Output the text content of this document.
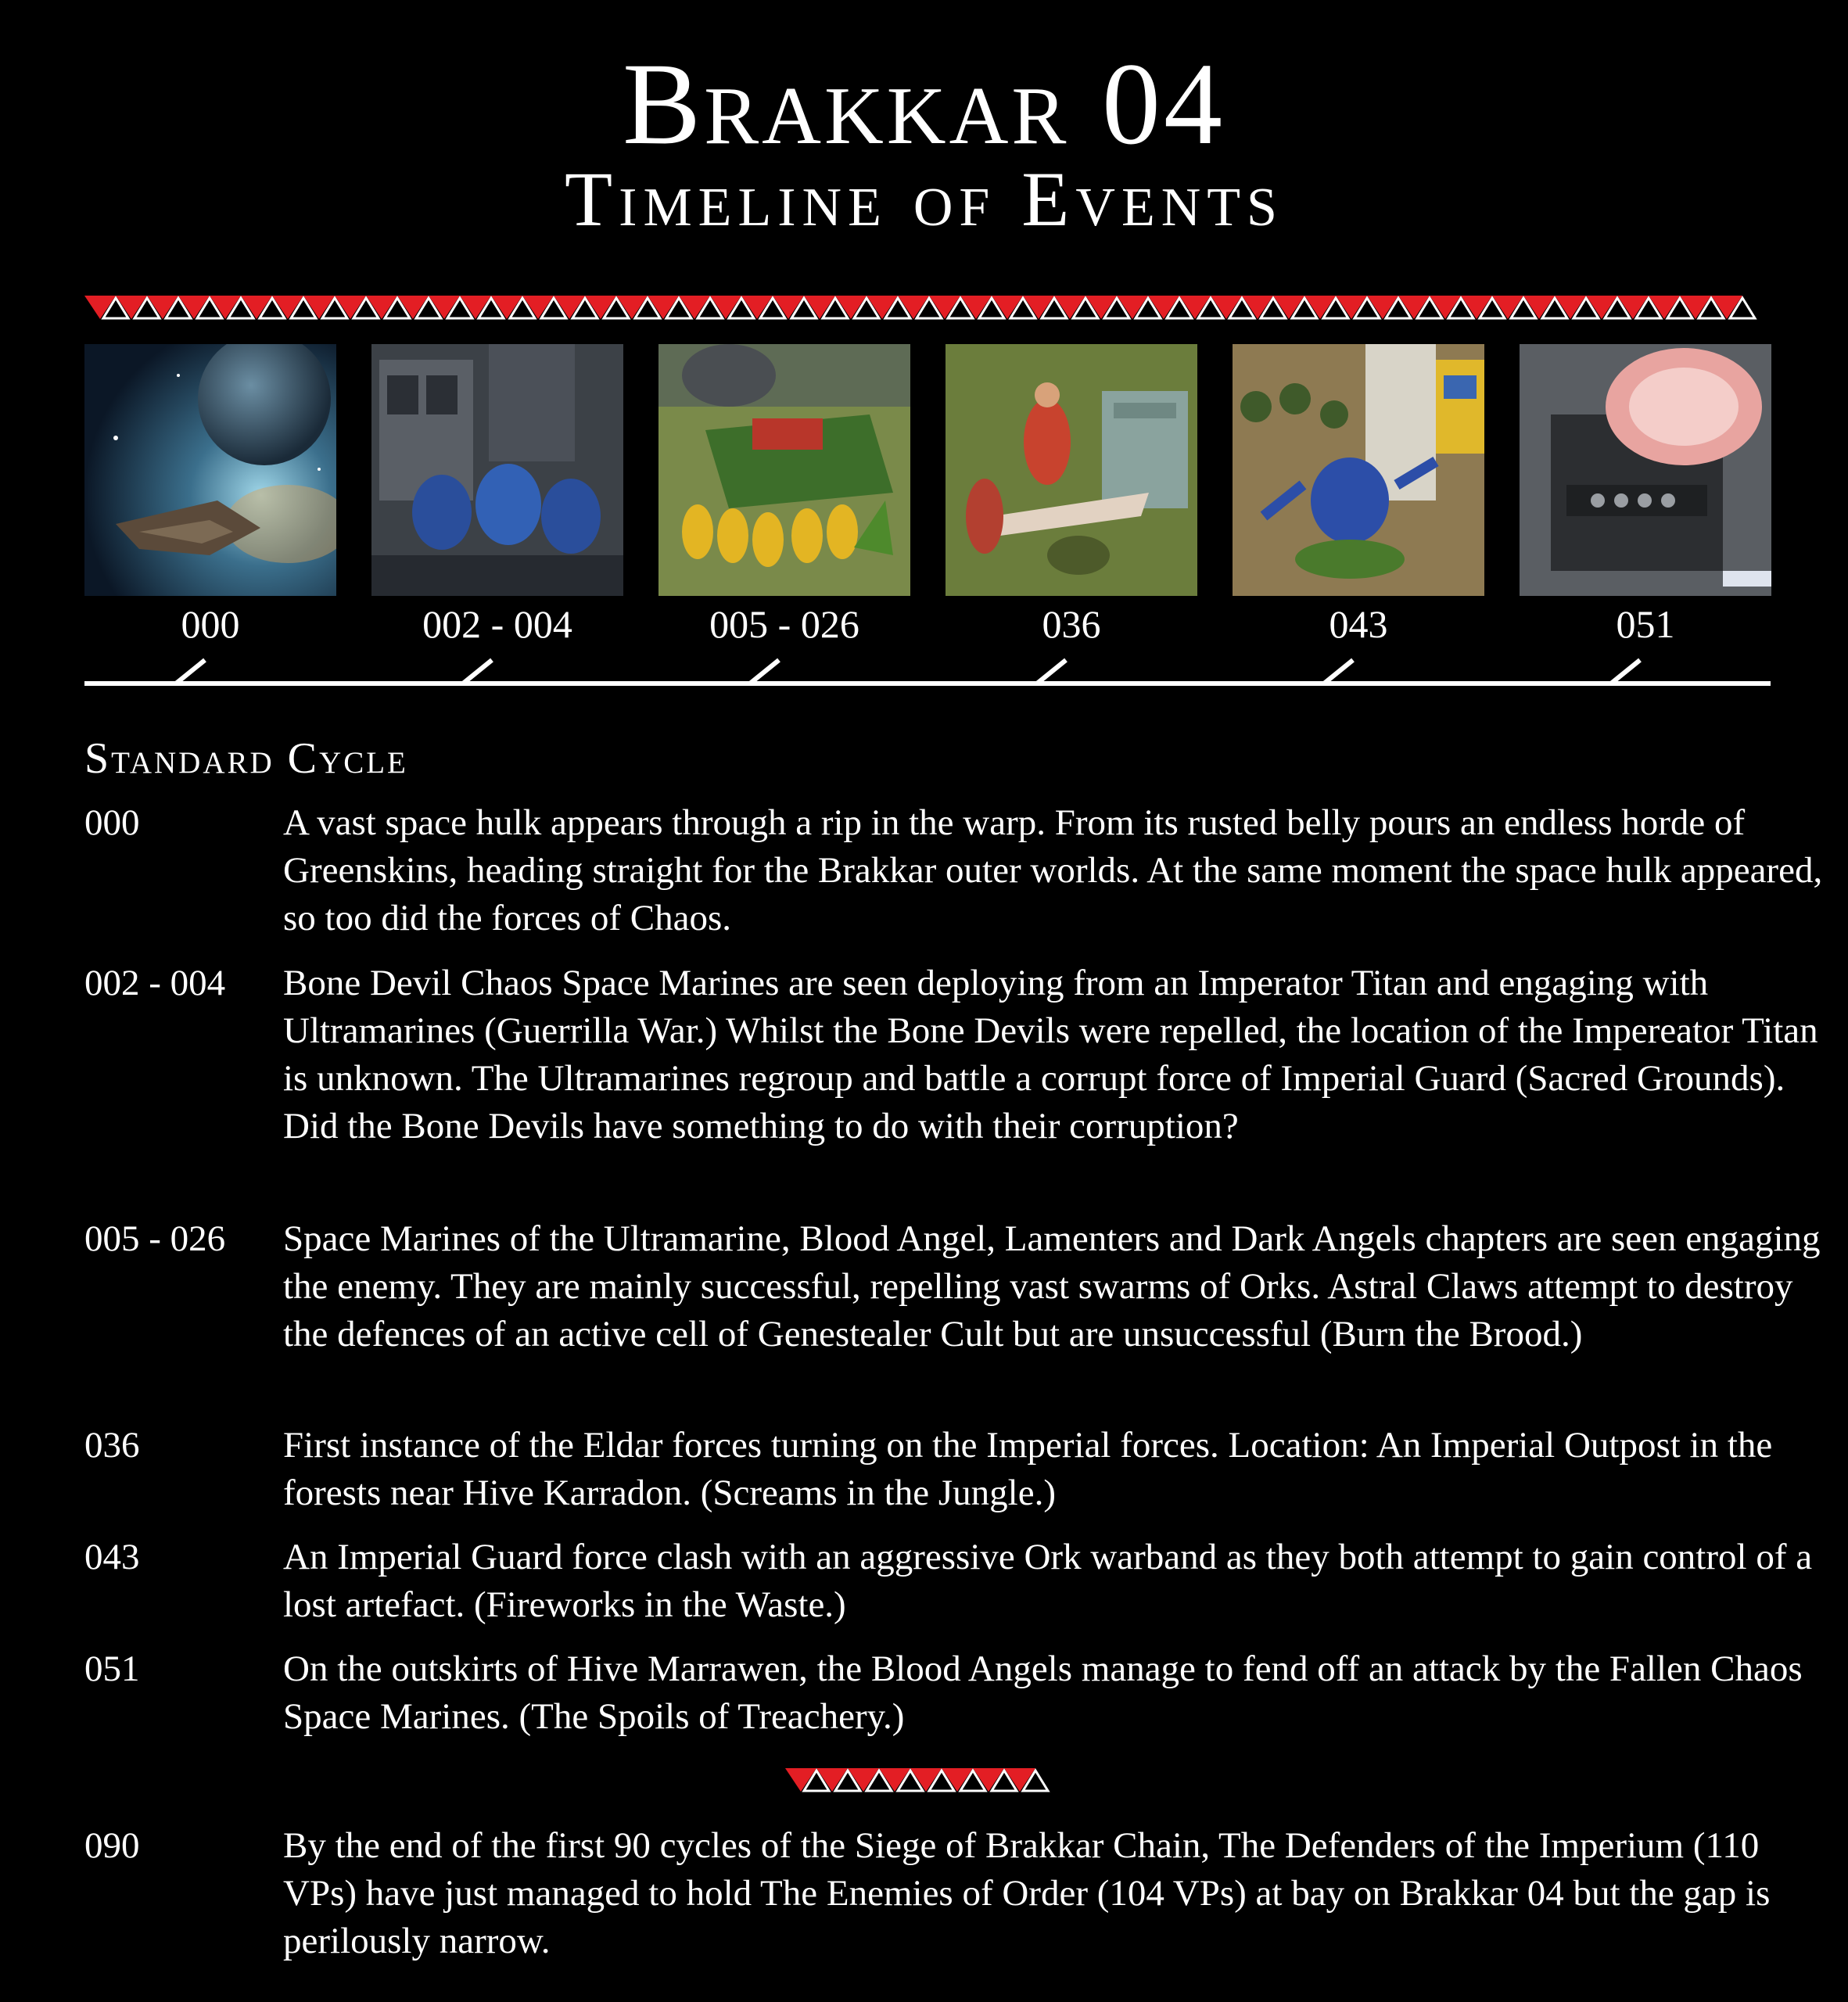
Brakkar 04
Timeline of Events
000	002 - 004	005 - 026	036	043	051
Standard Cycle
000	A vast space hulk appears through a rip in the warp. From its rusted belly pours an endless horde of Greenskins, heading straight for the Brakkar outer worlds. At the same moment the space hulk appeared, so too did the forces of Chaos.
002 - 004	Bone Devil Chaos Space Marines are seen deploying from an Imperator Titan and engaging with Ultramarines (Guerrilla War.) Whilst the Bone Devils were repelled, the location of the Impereator Titan is unknown. The Ultramarines regroup and battle a corrupt force of Imperial Guard (Sacred Grounds). Did the Bone Devils have something to do with their corruption?
005 - 026	Space Marines of the Ultramarine, Blood Angel, Lamenters and Dark Angels chapters are seen engaging the enemy. They are mainly successful, repelling vast swarms of Orks. Astral Claws attempt to destroy the defences of an active cell of Genestealer Cult but are unsuccessful (Burn the Brood.)
036	First instance of the Eldar forces turning on the Imperial forces. Location: An Imperial Outpost in the forests near Hive Karradon. (Screams in the Jungle.)
043	An Imperial Guard force clash with an aggressive Ork warband as they both attempt to gain control of a lost artefact. (Fireworks in the Waste.)
051	On the outskirts of Hive Marrawen, the Blood Angels manage to fend off an attack by the Fallen Chaos Space Marines. (The Spoils of Treachery.)
090	By the end of the first 90 cycles of the Siege of Brakkar Chain, The Defenders of the Imperium (110 VPs) have just managed to hold The Enemies of Order (104 VPs) at bay on Brakkar 04 but the gap is perilously narrow.
